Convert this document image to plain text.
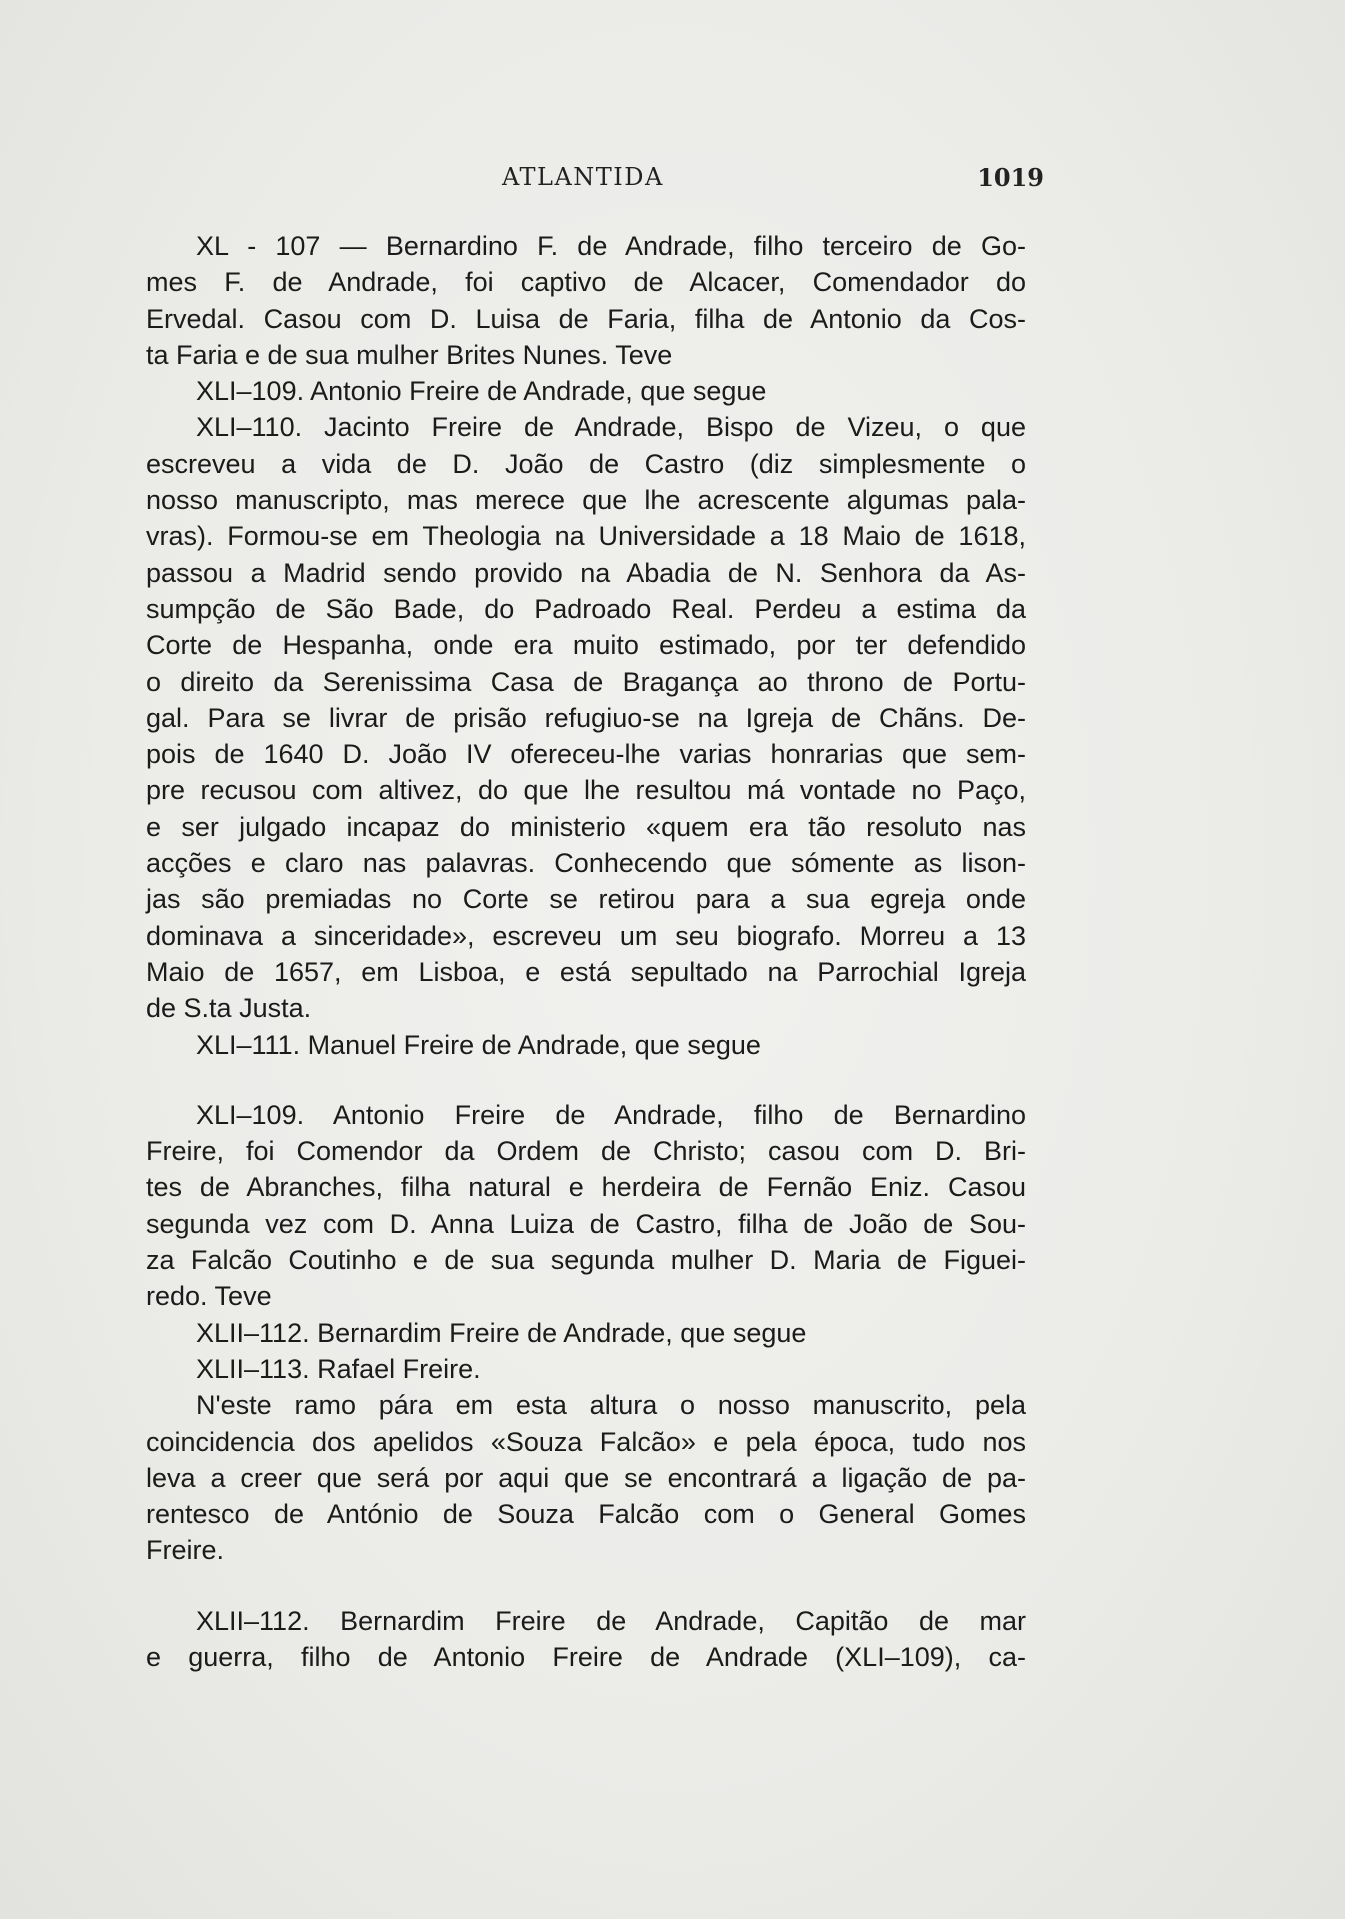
ATLANTIDA	1019
XL - 107 — Bernardino F. de Andrade, filho terceiro de Go-
mes F. de Andrade, foi captivo de Alcacer, Comendador do
Ervedal. Casou com D. Luisa de Faria, filha de Antonio da Cos-
ta Faria e de sua mulher Brites Nunes. Teve
XLI–109. Antonio Freire de Andrade, que segue
XLI–110. Jacinto Freire de Andrade, Bispo de Vizeu, o que
escreveu a vida de D. João de Castro (diz simplesmente o
nosso manuscripto, mas merece que lhe acrescente algumas pala-
vras). Formou-se em Theologia na Universidade a 18 Maio de 1618,
passou a Madrid sendo provido na Abadia de N. Senhora da As-
sumpção de São Bade, do Padroado Real. Perdeu a estima da
Corte de Hespanha, onde era muito estimado, por ter defendido
o direito da Serenissima Casa de Bragança ao throno de Portu-
gal. Para se livrar de prisão refugiuo-se na Igreja de Chãns. De-
pois de 1640 D. João IV ofereceu-lhe varias honrarias que sem-
pre recusou com altivez, do que lhe resultou má vontade no Paço,
e ser julgado incapaz do ministerio «quem era tão resoluto nas
acções e claro nas palavras. Conhecendo que sómente as lison-
jas são premiadas no Corte se retirou para a sua egreja onde
dominava a sinceridade», escreveu um seu biografo. Morreu a 13
Maio de 1657, em Lisboa, e está sepultado na Parrochial Igreja
de S.ta Justa.
XLI–111. Manuel Freire de Andrade, que segue
XLI–109. Antonio Freire de Andrade, filho de Bernardino
Freire, foi Comendor da Ordem de Christo; casou com D. Bri-
tes de Abranches, filha natural e herdeira de Fernão Eniz. Casou
segunda vez com D. Anna Luiza de Castro, filha de João de Sou-
za Falcão Coutinho e de sua segunda mulher D. Maria de Figuei-
redo. Teve
XLII–112. Bernardim Freire de Andrade, que segue
XLII–113. Rafael Freire.
N'este ramo pára em esta altura o nosso manuscrito, pela
coincidencia dos apelidos «Souza Falcão» e pela época, tudo nos
leva a creer que será por aqui que se encontrará a ligação de pa-
rentesco de António de Souza Falcão com o General Gomes
Freire.
XLII–112. Bernardim Freire de Andrade, Capitão de mar
e guerra, filho de Antonio Freire de Andrade (XLI–109), ca-
